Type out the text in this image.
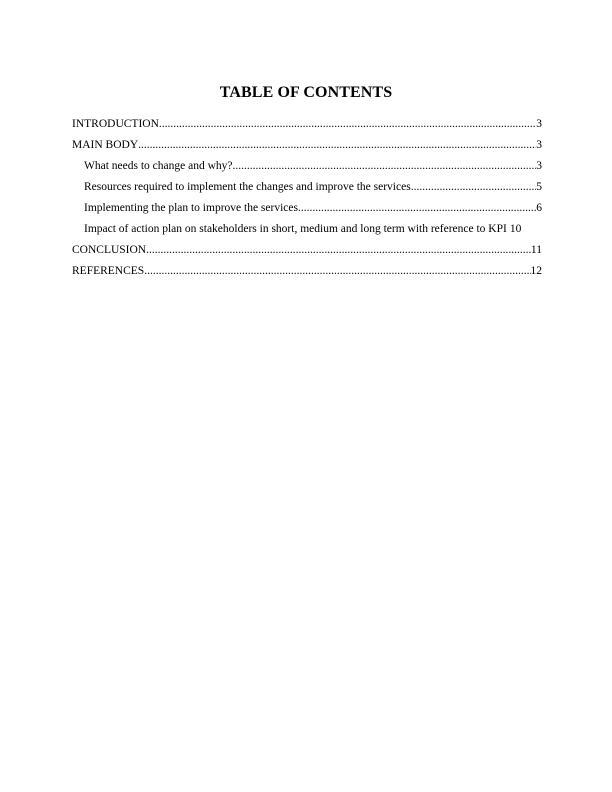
TABLE OF CONTENTS
INTRODUCTION .....	3
MAIN BODY .....	3
What needs to change and why? .....	3
Resources required to implement the changes and improve the services .....	5
Implementing the plan to improve the services .....	6
Impact of action plan on stakeholders in short, medium and long term with reference to KPI 10
CONCLUSION .....	11
REFERENCES .....	12
